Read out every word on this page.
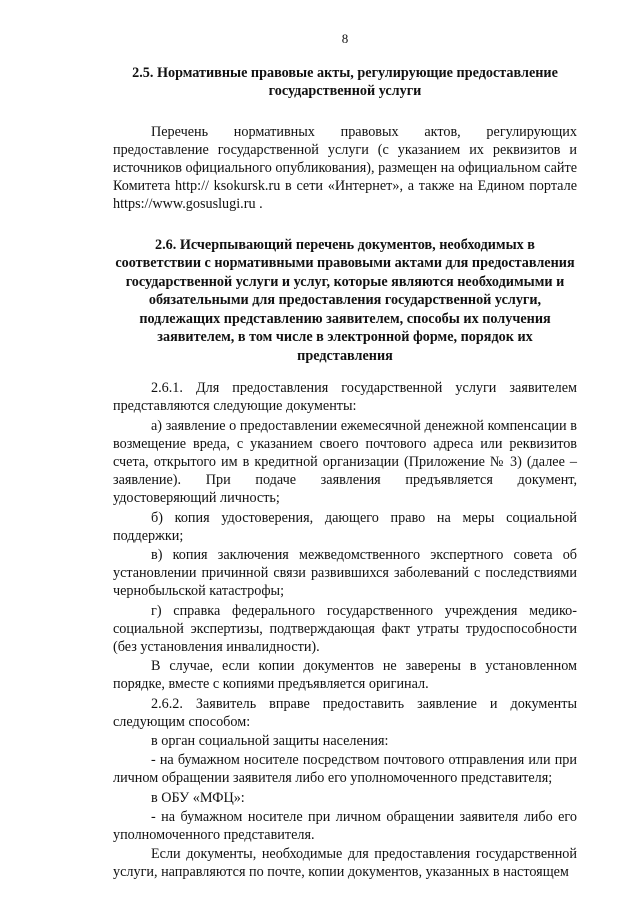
8

2.5. Нормативные правовые акты, регулирующие предоставление государственной услуги

Перечень нормативных правовых актов, регулирующих предоставление государственной услуги (с указанием их реквизитов и источников официального опубликования), размещен на официальном сайте Комитета http:// ksokursk.ru в сети «Интернет», а также на Едином портале https://www.gosuslugi.ru .

2.6. Исчерпывающий перечень документов, необходимых в соответствии с нормативными правовыми актами для предоставления государственной услуги и услуг, которые являются необходимыми и обязательными для предоставления государственной услуги, подлежащих представлению заявителем, способы их получения заявителем, в том числе в электронной форме, порядок их представления

2.6.1. Для предоставления государственной услуги заявителем представляются следующие документы:

а) заявление о предоставлении ежемесячной денежной компенсации в возмещение вреда, с указанием своего почтового адреса или реквизитов счета, открытого им в кредитной организации (Приложение № 3) (далее – заявление). При подаче заявления предъявляется документ, удостоверяющий личность;

б) копия удостоверения, дающего право на меры социальной поддержки;

в) копия заключения межведомственного экспертного совета об установлении причинной связи развившихся заболеваний с последствиями чернобыльской катастрофы;

г) справка федерального государственного учреждения медико-социальной экспертизы, подтверждающая факт утраты трудоспособности (без установления инвалидности).

В случае, если копии документов не заверены в установленном порядке, вместе с копиями предъявляется оригинал.

2.6.2. Заявитель вправе предоставить заявление и документы следующим способом:

в орган социальной защиты населения:

- на бумажном носителе посредством почтового отправления или при личном обращении заявителя либо его уполномоченного представителя;

в ОБУ «МФЦ»:

- на бумажном носителе при личном обращении заявителя либо его уполномоченного представителя.

Если документы, необходимые для предоставления государственной услуги, направляются по почте, копии документов, указанных в настоящем
